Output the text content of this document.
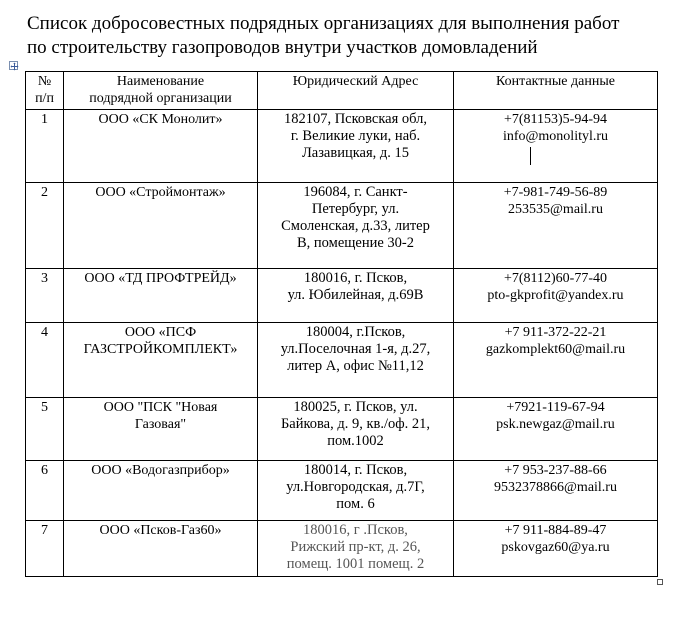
Список добросовестных подрядных организациях для выполнения работ
по строительству газопроводов внутри участков домовладений
№
п/п	Наименование
подрядной организации	Юридический Адрес	Контактные данные
1	ООО «СК Монолит»	182107, Псковская обл,
г. Великие луки, наб.
Лазавицкая, д. 15	+7(81153)5-94-94
info@monolityl.ru
2	ООО «Строймонтаж»	196084, г. Санкт-
Петербург, ул.
Смоленская, д.33, литер
В, помещение 30-2	+7-981-749-56-89
253535@mail.ru
3	ООО «ТД ПРОФТРЕЙД»	180016, г. Псков,
ул. Юбилейная, д.69В	+7(8112)60-77-40
pto-gkprofit@yandex.ru
4	ООО «ПСФ
ГАЗСТРОЙКОМПЛЕКТ»	180004, г.Псков,
ул.Поселочная 1-я, д.27,
литер А, офис №11,12	+7 911-372-22-21
gazkomplekt60@mail.ru
5	ООО "ПСК "Новая
Газовая"	180025, г. Псков, ул.
Байкова, д. 9, кв./оф. 21,
пом.1002	+7921-119-67-94
psk.newgaz@mail.ru
6	ООО «Водогазприбор»	180014, г. Псков,
ул.Новгородская, д.7Г,
пом. 6	+7 953-237-88-66
9532378866@mail.ru
7	ООО «Псков-Газ60»	180016, г .Псков,
Рижский пр-кт, д. 26,
помещ. 1001 помещ. 2	+7 911-884-89-47
pskovgaz60@ya.ru
